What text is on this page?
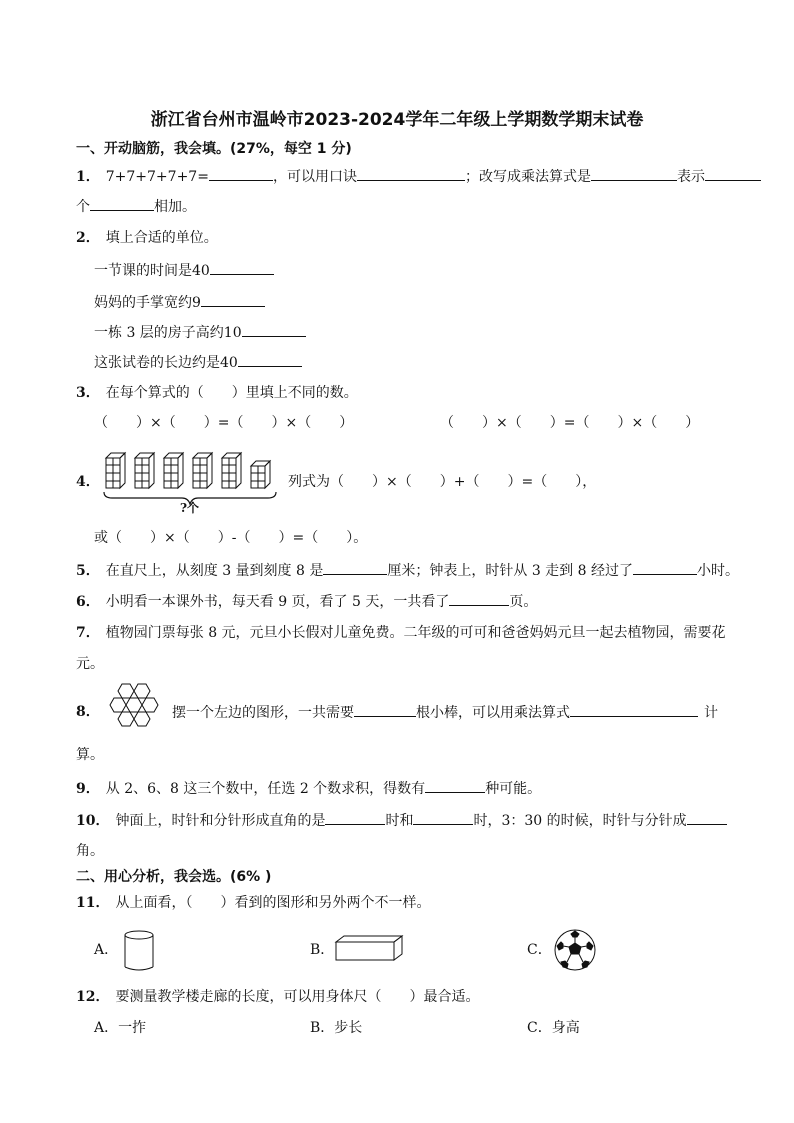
浙江省台州市温岭市2023-2024学年二年级上学期数学期末试卷
一、开动脑筋，我会填。(27%，每空 1 分)
1． 7+7+7+7+7=	，可以用口诀	；改写成乘法算式是	表示
个	相加。
2． 填上合适的单位。
一节课的时间是40
妈妈的手掌宽约9
一栋 3 层的房子高约10
这张试卷的长边约是40
3． 在每个算式的（　　）里填上不同的数。
（　　）×（　　）=（　　）×（　　）	（　　）×（　　）=（　　）×（　　）
4．
?个
列式为（　　）×（　　）+（　　）=（　　），
或（　　）×（　　）-（　　）=（　　）。
5． 在直尺上，从刻度 3 量到刻度 8 是	厘米；钟表上，时针从 3 走到 8 经过了	小时。
6． 小明看一本课外书，每天看 9 页，看了 5 天，一共看了	页。
7． 植物园门票每张 8 元，元旦小长假对儿童免费。二年级的可可和爸爸妈妈元旦一起去植物园，需要花
元。
8．	摆一个左边的图形，一共需要	根小棒，可以用乘法算式	计
算。
9． 从 2、6、8 这三个数中，任选 2 个数求积，得数有	种可能。
10． 钟面上，时针和分针形成直角的是	时和	时，3：30 的时候，时针与分针成
角。
二、用心分析，我会选。(6% )
11． 从上面看，（　　）看到的图形和另外两个不一样。
A．	B．	C．
12． 要测量教学楼走廊的长度，可以用身体尺（　　）最合适。
A．一拃	B．步长	C．身高
